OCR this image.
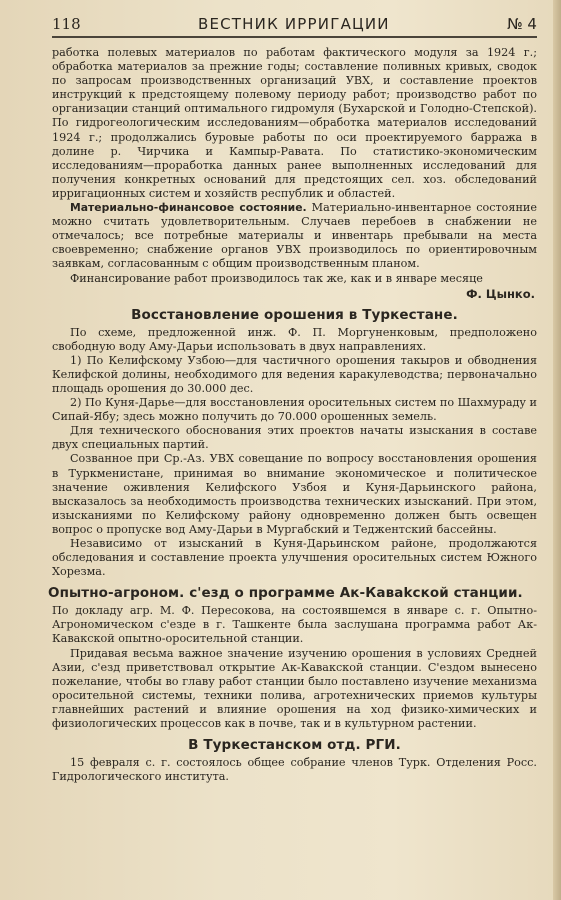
118	ВЕСТНИК ИРРИГАЦИИ	№ 4

работка полевых материалов по работам фактического модуля за 1924 г.; обработка материалов за прежние годы; составление поливных кривых, сводок по запросам производственных организаций УВХ, и составление проектов инструкций к предстоящему полевому периоду работ; производство работ по организации станций оптимального гидромуля (Бухарской и Голодно-Степской). По гидрогеологическим исследованиям—обработка материалов исследований 1924 г.; продолжались буровые работы по оси проектируемого барража в долине р. Чирчика и Кампыр-Равата. По статистико-экономическим исследованиям—проработка данных ранее выполненных исследований для получения конкретных оснований для предстоящих сел. хоз. обследований ирригационных систем и хозяйств республик и областей.

Материально-финансовое состояние. Материально-инвентарное состояние можно считать удовлетворительным. Случаев перебоев в снабжении не отмечалось; все потребные материалы и инвентарь пребывали на места своевременно; снабжение органов УВХ производилось по ориентировочным заявкам, согласованным с общим производственным планом.

Финансирование работ производилось так же, как и в январе месяце

Ф. Цынко.
Восстановление орошения в Туркестане.

По схеме, предложенной инж. Ф. П. Моргуненковым, предположено свободную воду Аму-Дарьи использовать в двух направлениях.

1) По Келифскому Узбою—для частичного орошения такыров и обводнения Келифской долины, необходимого для ведения каракулеводства; первоначально площадь орошения до 30.000 дес.

2) По Куня-Дарье—для восстановления оросительных систем по Шахмураду и Сипай-Ябу; здесь можно получить до 70.000 орошенных земель.

Для технического обоснования этих проектов начаты изыскания в составе двух специальных партий.

Созванное при Ср.-Аз. УВХ совещание по вопросу восстановления орошения в Туркменистане, принимая во внимание экономическое и политическое значение оживления Келифского Узбоя и Куня-Дарьинского района, высказалось за необходимость производства технических изысканий. При этом, изысканиями по Келифскому району одновременно должен быть освещен вопрос о пропуске вод Аму-Дарьи в Мургабский и Теджентский бассейны.

Независимо от изысканий в Куня-Дарьинском районе, продолжаются обследования и составление проекта улучшения оросительных систем Южного Хорезма.

Опытно-агроном. с'езд о программе Ак-Каваkской станции.

По докладу агр. М. Ф. Пересокова, на состоявшемся в январе с. г. Опытно-Агрономическом с'езде в г. Ташкенте была заслушана программа работ Ак-Кавакской опытно-оросительной станции.

Придавая весьма важное значение изучению орошения в условиях Средней Азии, с'езд приветствовал открытие Ак-Кавакской станции. С'ездом вынесено пожелание, чтобы во главу работ станции было поставлено изучение механизма оросительной системы, техники полива, агротехнических приемов культуры главнейших растений и влияние орошения на ход физико-химических и физиологических процессов как в почве, так и в культурном растении.

В Туркестанском отд. РГИ.

15 февраля с. г. состоялось общее собрание членов Турк. Отделения Росс. Гидрологического института.
